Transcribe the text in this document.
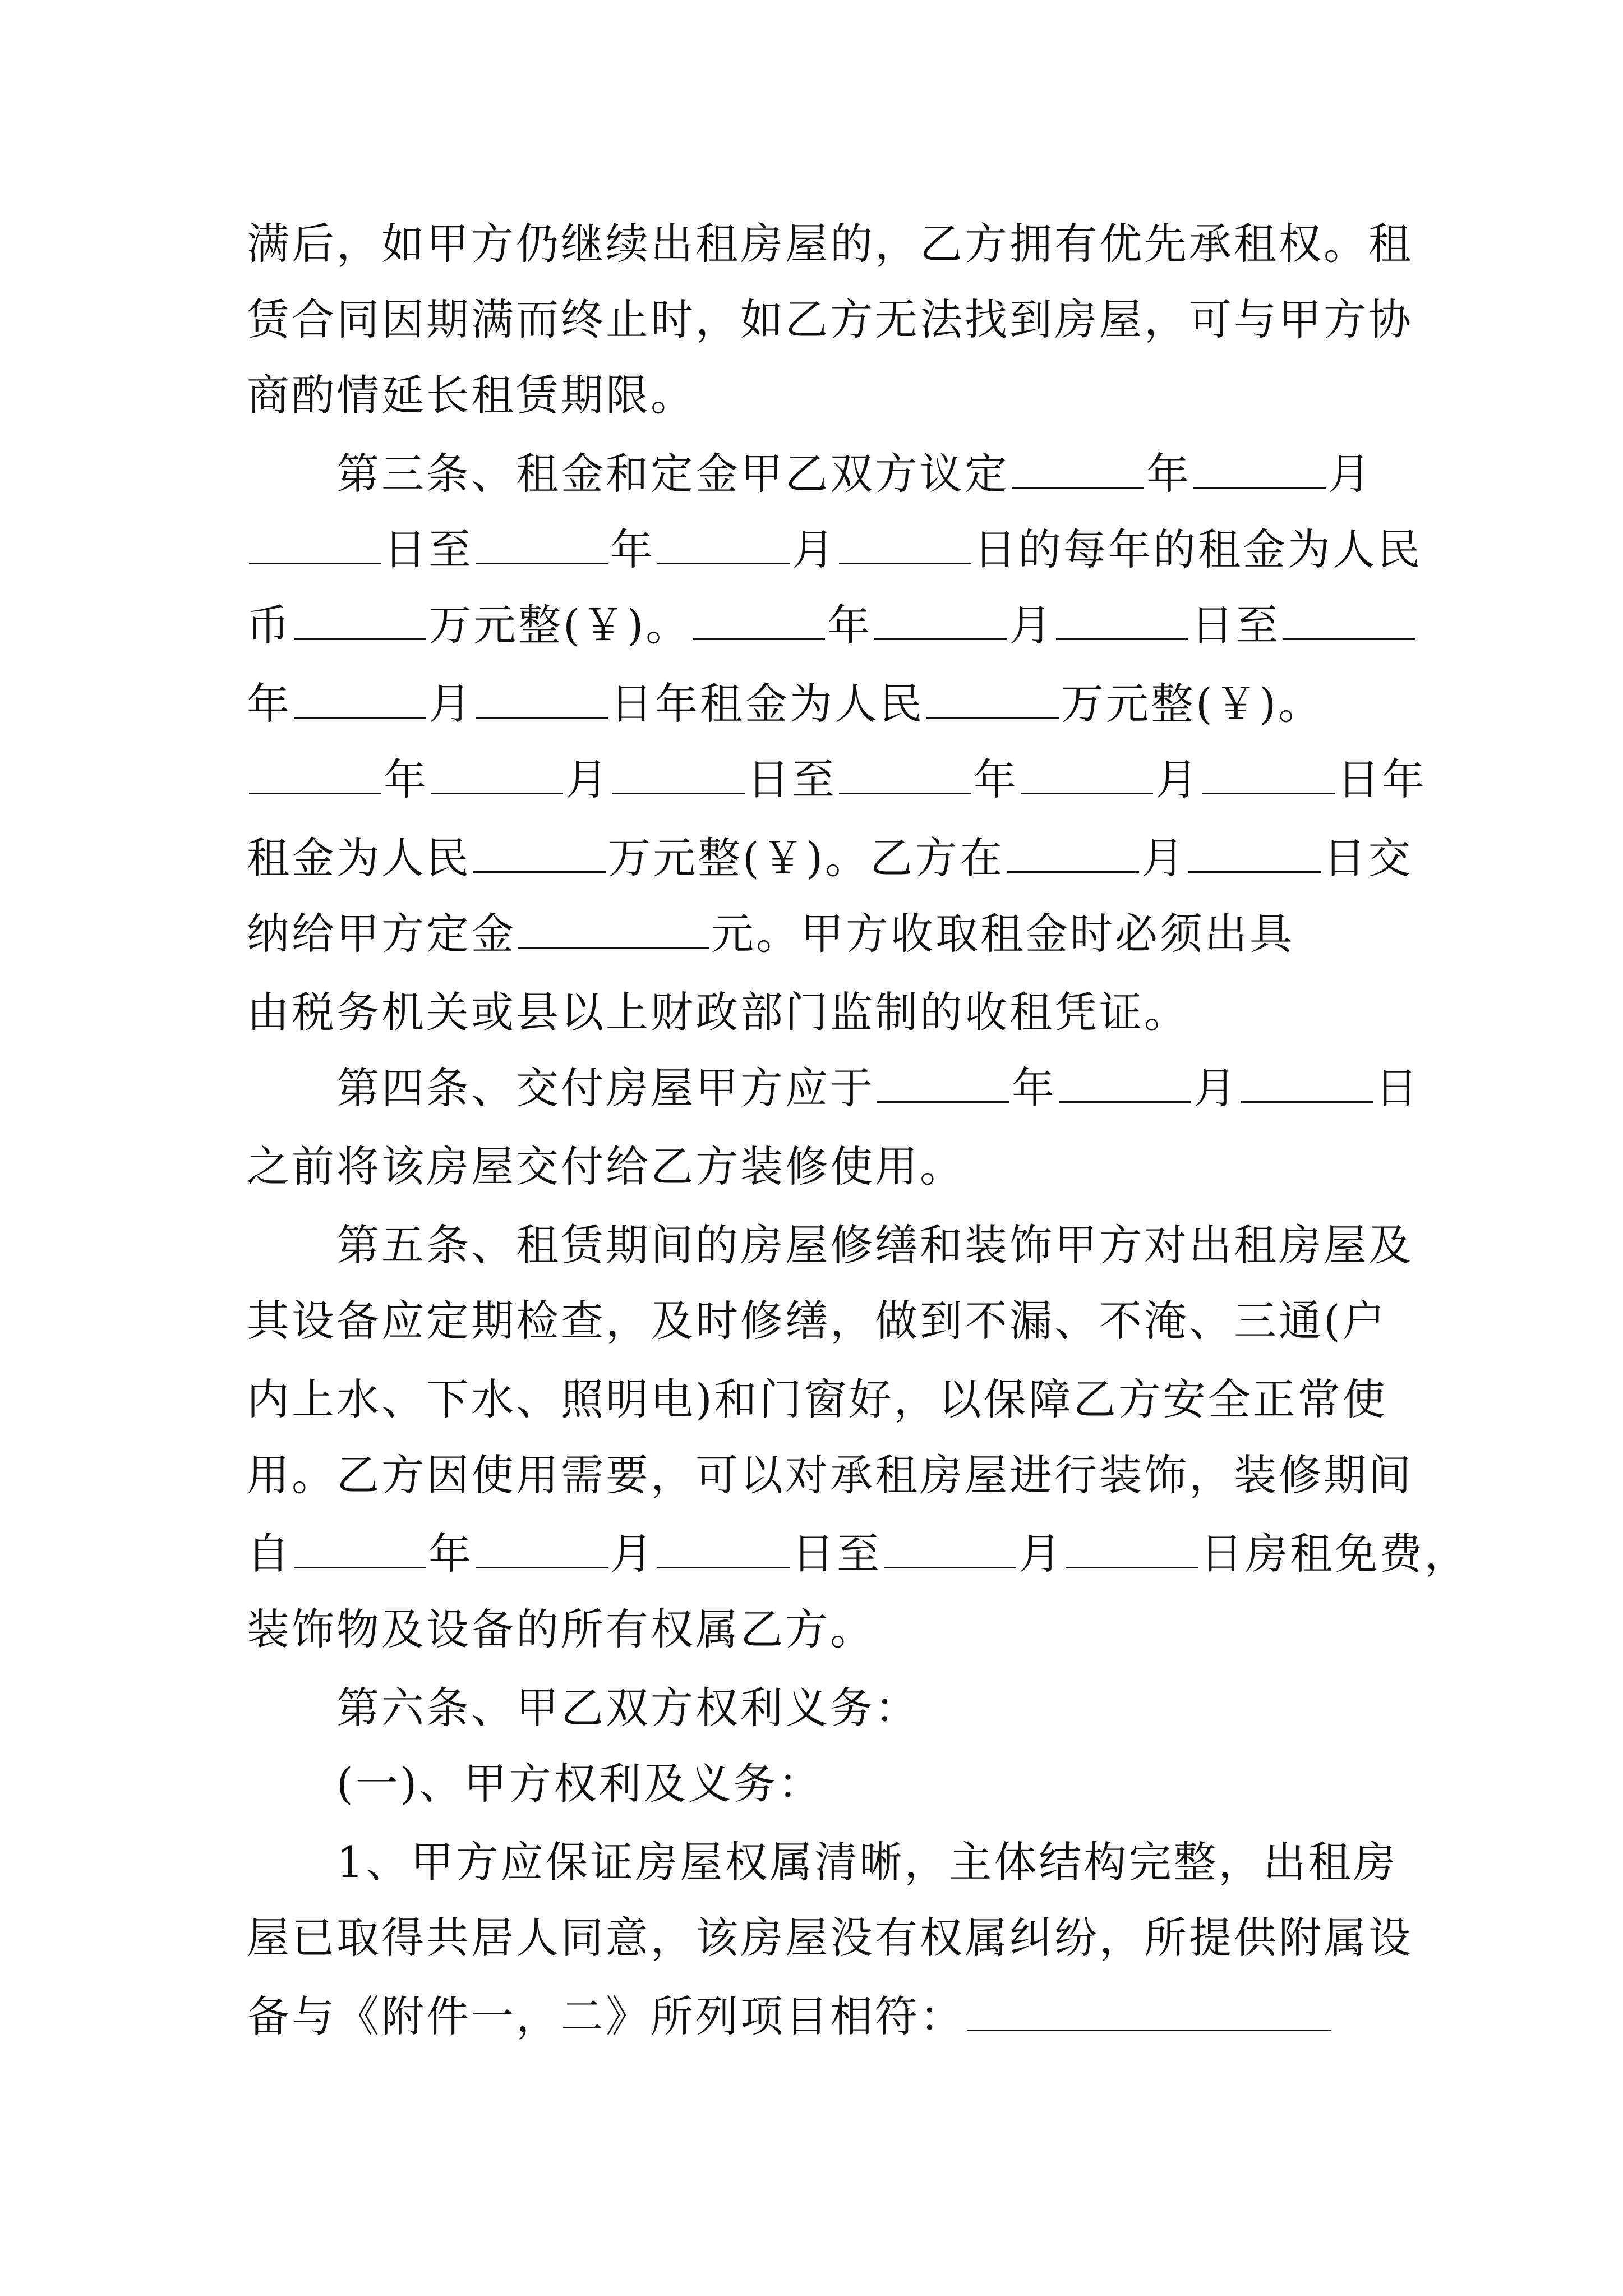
满后，如甲方仍继续出租房屋的，乙方拥有优先承租权。租
赁合同因期满而终止时，如乙方无法找到房屋，可与甲方协
商酌情延长租赁期限。
第三条、租金和定金甲乙双方议定	年	月
日至	年	月	日的每年的租金为人民
币	万元整(￥)。	年	月	日至
年	月	日年租金为人民	万元整(￥)。
年	月	日至	年	月	日年
租金为人民	万元整(￥)。乙方在	月	日交
纳给甲方定金	元。甲方收取租金时必须出具
由税务机关或县以上财政部门监制的收租凭证。
第四条、交付房屋甲方应于	年	月	日
之前将该房屋交付给乙方装修使用。
第五条、租赁期间的房屋修缮和装饰甲方对出租房屋及
其设备应定期检查，及时修缮，做到不漏、不淹、三通(户
内上水、下水、照明电)和门窗好，以保障乙方安全正常使
用。乙方因使用需要，可以对承租房屋进行装饰，装修期间
自	年	月	日至	月	日房租免费，
装饰物及设备的所有权属乙方。
第六条、甲乙双方权利义务：
(一)、甲方权利及义务：
1、甲方应保证房屋权属清晰，主体结构完整，出租房
屋已取得共居人同意，该房屋没有权属纠纷，所提供附属设
备与《附件一，二》所列项目相符：
